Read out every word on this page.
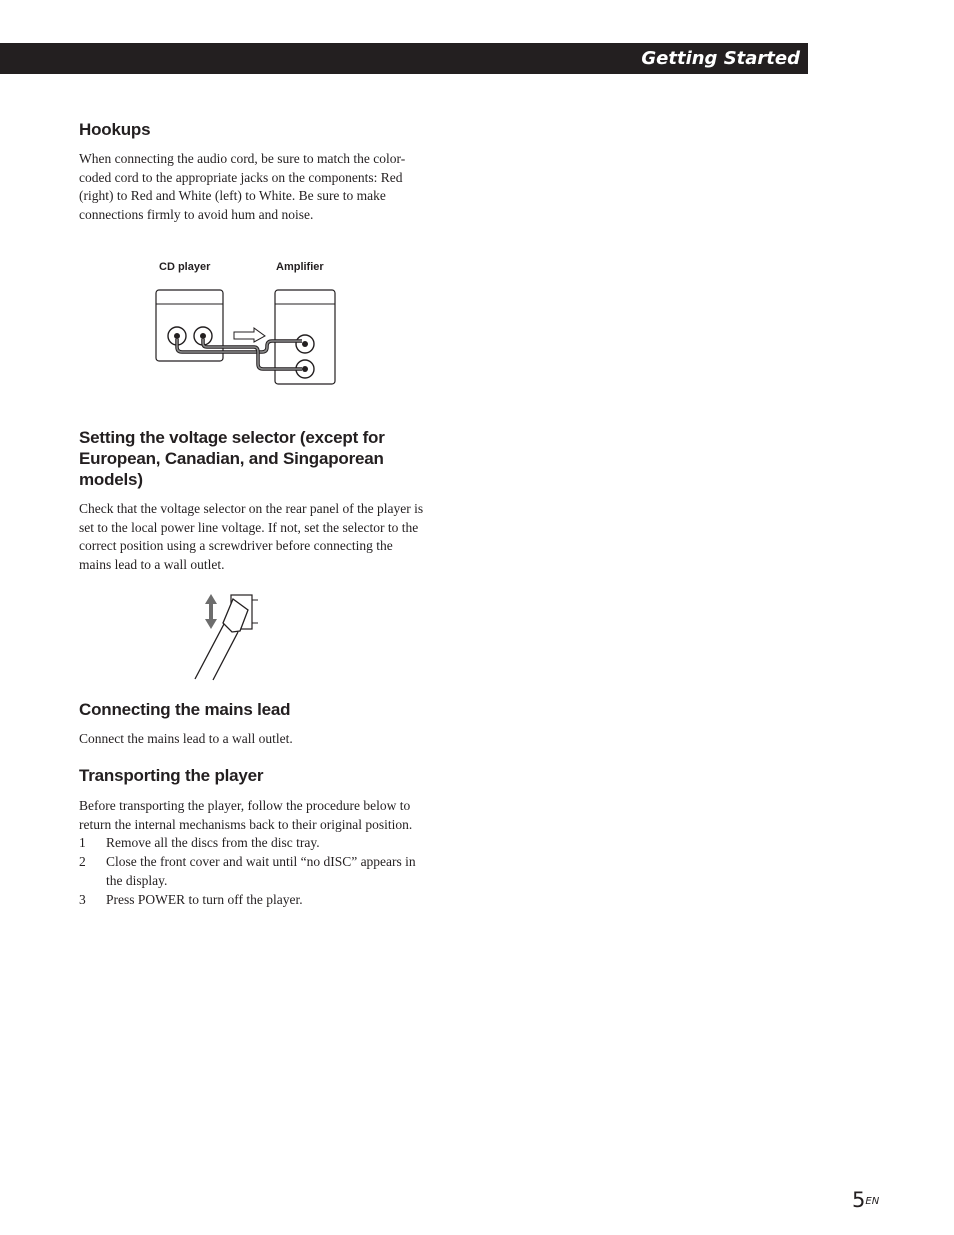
Getting Started
Hookups

When connecting the audio cord, be sure to match the color-coded cord to the appropriate jacks on the components: Red (right) to Red and White (left) to White. Be sure to make connections firmly to avoid hum and noise.

CD player	Amplifier
Setting the voltage selector (except for European, Canadian, and Singaporean models)

Check that the voltage selector on the rear panel of the player is set to the local power line voltage. If not, set the selector to the correct position using a screwdriver before connecting the mains lead to a wall outlet.

Connecting the mains lead

Connect the mains lead to a wall outlet.

Transporting the player

Before transporting the player, follow the procedure below to return the internal mechanisms back to their original position.

1 Remove all the discs from the disc tray.
2 Close the front cover and wait until “no dISC” appears in the display.
3 Press POWER to turn off the player.
$5^{EN}$
